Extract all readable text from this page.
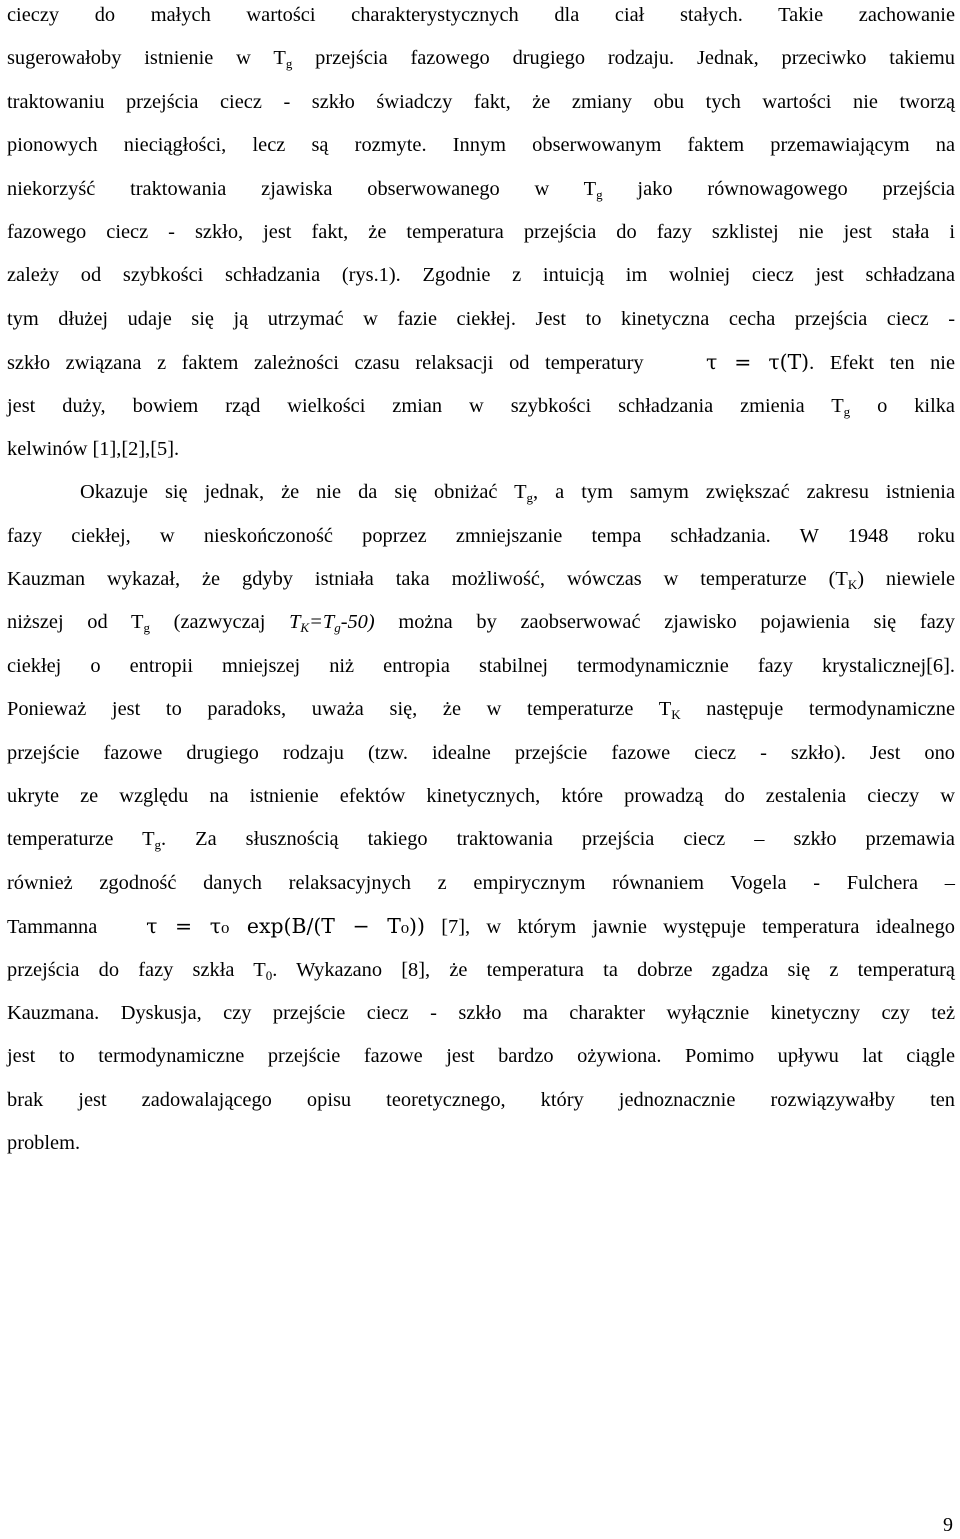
cieczy do małych wartości charakterystycznych dla ciał stałych. Takie zachowanie
sugerowałoby istnienie w $T_g$ przejścia fazowego drugiego rodzaju. Jednak, przeciwko takiemu
traktowaniu przejścia ciecz - szkło świadczy fakt, że zmiany obu tych wartości nie tworzą
pionowych nieciągłości, lecz są rozmyte. Innym obserwowanym faktem przemawiającym na
niekorzyść traktowania zjawiska obserwowanego w $T_g$ jako równowagowego przejścia
fazowego ciecz - szkło, jest fakt, że temperatura przejścia do fazy szklistej nie jest stała i
zależy od szybkości schładzania (rys.1). Zgodnie z intuicją im wolniej ciecz jest schładzana
tym dłużej udaje się ją utrzymać w fazie ciekłej. Jest to kinetyczna cecha przejścia ciecz -
szkło związana z faktem zależności czasu relaksacji od temperatury	τ = τ(T). Efekt ten nie
jest duży, bowiem rząd wielkości zmian w szybkości schładzania zmienia $T_g$ o kilka
kelwinów [1],[2],[5].
Okazuje się jednak, że nie da się obniżać $T_g$, a tym samym zwiększać zakresu istnienia
fazy ciekłej, w nieskończoność poprzez zmniejszanie tempa schładzania. W 1948 roku
Kauzman wykazał, że gdyby istniała taka możliwość, wówczas w temperaturze $(T_K)$ niewiele
niższej od $T_g$ (zazwyczaj $T_K=T_g-50$) można by zaobserwować zjawisko pojawienia się fazy
ciekłej o entropii mniejszej niż entropia stabilnej termodynamicznie fazy krystalicznej[6].
Ponieważ jest to paradoks, uważa się, że w temperaturze $T_K$ następuje termodynamiczne
przejście fazowe drugiego rodzaju (tzw. idealne przejście fazowe ciecz - szkło). Jest ono
ukryte ze względu na istnienie efektów kinetycznych, które prowadzą do zestalenia cieczy w
temperaturze $T_g$. Za słusznością takiego traktowania przejścia ciecz – szkło przemawia
również zgodność danych relaksacyjnych z empirycznym równaniem Vogela - Fulchera –
Tammanna τ = τ₀ exp(B/(T − T₀)) [7], w którym jawnie występuje temperatura idealnego
przejścia do fazy szkła $T_0$. Wykazano [8], że temperatura ta dobrze zgadza się z temperaturą
Kauzmana. Dyskusja, czy przejście ciecz - szkło ma charakter wyłącznie kinetyczny czy też
jest to termodynamiczne przejście fazowe jest bardzo ożywiona. Pomimo upływu lat ciągle
brak jest zadowalającego opisu teoretycznego, który jednoznacznie rozwiązywałby ten
problem.
9
